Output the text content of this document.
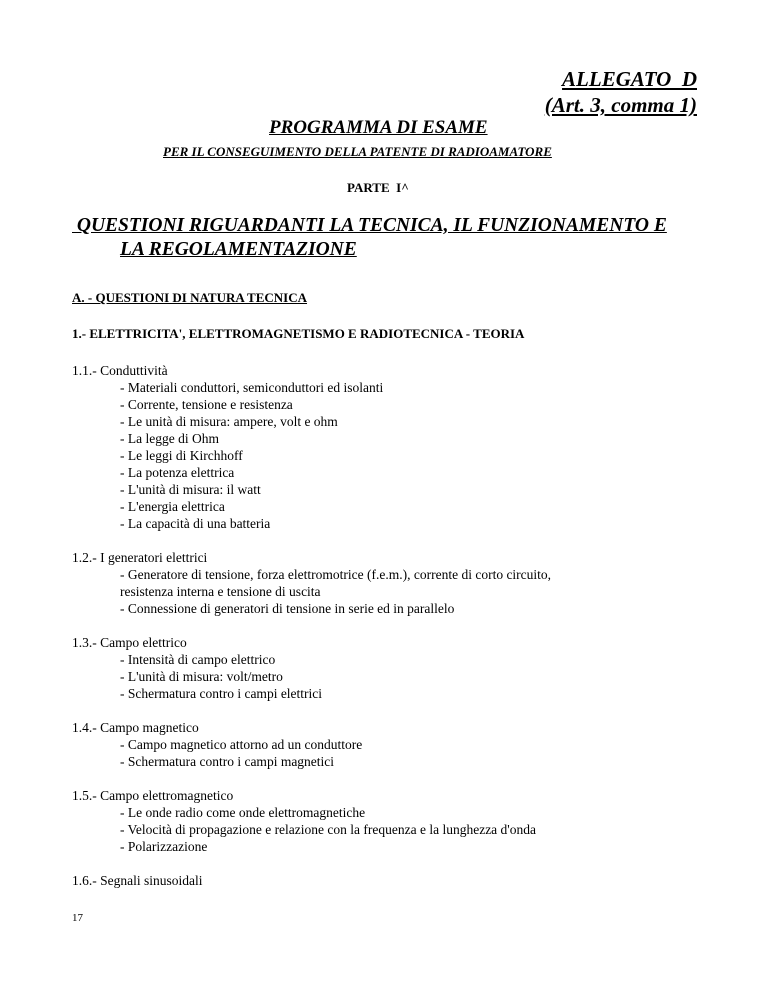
ALLEGATO  D
(Art. 3, comma 1)
PROGRAMMA DI ESAME
PER IL CONSEGUIMENTO DELLA PATENTE DI RADIOAMATORE
PARTE  I^
QUESTIONI RIGUARDANTI LA TECNICA, IL FUNZIONAMENTO E
LA REGOLAMENTAZIONE
A. - QUESTIONI DI NATURA TECNICA
1.- ELETTRICITA', ELETTROMAGNETISMO E RADIOTECNICA - TEORIA
1.1.- Conduttività
- Materiali conduttori, semiconduttori ed isolanti
- Corrente, tensione e resistenza
- Le unità di misura: ampere, volt e ohm
- La legge di Ohm
- Le leggi di Kirchhoff
- La potenza elettrica
- L'unità di misura: il watt
- L'energia elettrica
- La capacità di una batteria
1.2.- I generatori elettrici
- Generatore di tensione, forza elettromotrice (f.e.m.), corrente di corto circuito,
resistenza interna e tensione di uscita
- Connessione di generatori di tensione in serie ed in parallelo
1.3.- Campo elettrico
- Intensità di campo elettrico
- L'unità di misura: volt/metro
- Schermatura contro i campi elettrici
1.4.- Campo magnetico
- Campo magnetico attorno ad un conduttore
- Schermatura contro i campi magnetici
1.5.- Campo elettromagnetico
- Le onde radio come onde elettromagnetiche
- Velocità di propagazione e relazione con la frequenza e la lunghezza d'onda
- Polarizzazione
1.6.- Segnali sinusoidali
17
